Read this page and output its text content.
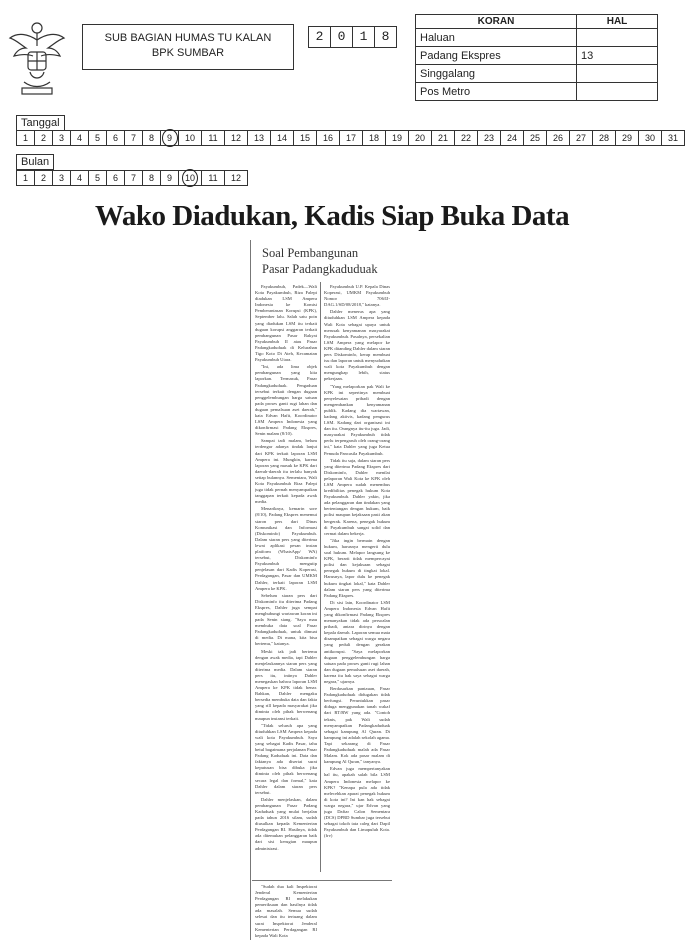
SUB BAGIAN HUMAS TU KALAN
BPK SUMBAR
2	0	1	8
KORAN	HAL
Haluan	
Padang Ekspres	13
Singgalang	
Pos Metro	
Tanggal
1	2	3	4	5	6	7	8	9	10	11	12	13	14	15	16	17	18	19	20	21	22	23	24	25	26	27	28	29	30	31
Bulan
1	2	3	4	5	6	7	8	9	10	11	12
Wako Diadukan, Kadis Siap Buka Data
Soal Pembangunan
Pasar Padangkaduduak

Payakumbuh, Padek—Wali Kota Payakumbuh, Riza Falepi diadukan LSM Ampera Indonesia ke Komisi Pemberantasan Korupsi (KPK), September lalu. Salah satu poin yang diadukan LSM itu terkait dugaan korupsi anggaran terkait pembangunan Pasar Rakyat Payakumbuh II atau Pasar Padangkaduduak di Kelurahan Tigo Koto Di Ateh, Kecamatan Payakumbuh Utara.

"Ini, ada lima objek pembangunan yang kita laporkan. Termasuk, Pasar Padangkaduduak. Pengaduan tersebut terkait dengan dugaan penggelembungan harga satuan pada proses ganti rugi lahan dan dugaan pemalsuan aset daerah," kata Edvan Hafit, Koordinator LSM Ampera Indonesia yang dikonfirmasi Padang Ekspres, Senin malam (8/10).

Sampai tadi malam, belum terdengar adanya tindak lanjut dari KPK terkait laporan LSM Ampera ini. Mungkin, karena laporan yang masuk ke KPK dari daerah-daerah itu terlalu banyak setiap bulannya. Sementara, Wali Kota Payakumbuh Riza Falepi juga tidak pernah menyampaikan tanggapan terkait kepada awak media.

Menariknya, kemarin sore (8/10), Padang Ekspres menemui staron pers dari Dinas Komunikasi dan Informasi (Diskominfo) Payakumbuh. Dalam siaran pers yang diterima lewat aplikasi pesan instan platform (WhatsApp/ WA) tersebut, Diskominfo Payakumbuh mengutip penjelasan dari Kadis Koperasi, Perdagangan, Pasar dan UMKM Dahler, terkait laporan LSM Ampera ke KPK.

Sebelum siaran pers dari Diskominfo itu diterima Padang Ekspres, Dahler juga sempat menghubungi wartawan koran ini pada Senin siang. "Saya mau membuka data soal Pasar Padangkaduduak, untuk dimuat di media. Di mana, kita bisa bertemu," katanya.

Meski tak jadi bertemu dengan awak media, tapi Dahler menjelaskannya siaran pers yang diterima media. Dalam siaran pers itu, intinya Dahler menegaskan bahwa laporan LSM Ampera ke KPK tidak benar. Bahkan, Dahler mengaku bersedia membuka data dan fakta yang rill kepada masyarakat jika diminta oleh pihak berwenang maupun instansi terkait.

"Tidak seluruh apa yang dituduhkan LSM Ampera kepada wali kota Payakumbuh. Saya yang sebagai Kadis Pasar, tahu betul bagaimana perjalanan Pasar Padang Kaduduak ini. Data dan faktanya ada disertai surat keputusan bisa dibuka jika diminta oleh pihak berwenang secara legal dan formal," kata Dahler dalam siaran pers tersebut.

Dahler menjelaskan, dalam pembangunan Pasar Padang Kaduduak yang mulai berjalan pada tahun 2016 silam, sudah diusulkan kepada Kementerian Perdagangan RI. Hasilnya, tidak ada ditemukan pelanggaran baik dari sisi kerugian maupun administrasi.

Payakumbuh U.P. Kepala Dinas Koperasi, UMKM Payakumbuh Nomor 706/IJ-DAG.1/SD/08/2018," katanya.

Dahler menerus apa yang dituduhkan LSM Ampera kepada Wali Kota sebagai upaya untuk merusak kenyamanan masyarakat Payakumbuh. Pasalnya, persekalian LSM Ampera yang melapor ke KPK ditanding Dahler dalam siaran pers Diskominfo, kerap membuat isu dan laporan untuk menyudutkan wali kota Payakumbuh dengan mengungkap lebih, status pekerjaan.

"Yang melaporkan pak Wali ke KPK ini sepertinya membuat penyelesaian pribadi dengan mengembankan kenyamanan publik. Kadang dia wartawan, kadang aktivis, kadang pengurus LSM. Kadang dari organisasi ini dan itu. Orangnya itu-itu juga. Jadi, masyarakat Payakumbuh tidak perlu terpengaruh oleh orang-orang ini," kata Dahler yang juga Ketua Pemuda Pancasila Payakumbuh.

Tidak itu saja, dalam siaran pers yang diterima Padang Ekspres dari Diskominfo, Dahler menilai pelaporan Wali Kota ke KPK oleh LSM Ampera sudah menembus kredibilitas penegak hukum Kota Payakumbuh. Dahler yakin, jika ada pelanggaran dan tindakan yang bertentangan dengan hukum, baik polisi maupun kejaksaan pasti akan bergerak. Karena, penegak hukum di Payakumbuh sangat solid dan cermat dalam bekerja.

"Jika ingin bermain dengan hukum, harusnya mengerti dulu soal hukum. Melapor langsung ke KPK, berarti tidak mempercayai polisi dan kejaksaan sebagai penegak hukum di tingkat lokal. Harusnya, lapor dulu ke penegak hukum tingkat lokal," kata Dahler dalam siaran pers yang diterima Padang Ekspres.

Di sisi lain, Koordinator LSM Ampera Indonesia Edvan Hafit yang dikonfirmasi Padang Ekspres menanyakan tidak ada persoalan pribadi, antara dirinya dengan kepala daerah. Laporan semua mata disampaikan sebagai warga negara yang peduli dengan gerakan antikorupsi. "Saya melaporkan dugaan penggelembungan harga satuan pada proses ganti rugi lahan dan dugaan pemalsuan aset daerah, karena itu hak saya sebagai warga negara," ujarnya.

Berdasarkan pantauan, Pasar Padangkaduduak didugakan tidak berfungsi. Peruntukkan pasar diduga menggunakan tanah wakaf dari RT/RW yang ada. "Contoh teknis, pak Wali sudah menyampaikan Padangkaduduak sebagai kampung Al Quran. Di kampung ini adalah sekolah agama. Tapi sekarang di Pasar Padangkaduduak malah ada Pasar Malam. Kok ada pasar malam di kampung Al Quran," tanyanya.

Edvan juga mempertanyakan hal itu, apakah salah bila LSM Ampera Indonesia melapor ke KPK? "Kenapa pula ada tidak melecehkan aparat penegak hukum di kota ini? Ini kan hak sebagai warga negara," ujar Edvan yang juga Daftar Calon Sementara (DCS) DPRD Sumbar juga tersebut sebagai tokoh tata caleg dari Dapil Payakumbuh dan Limapuluh Kota. (frv)

"Sudah dua kali Inspektorat Jenderal Kementerian Perdagangan RI melakukan pemeriksaan dan hasilnya tidak ada masalah. Semua sudah selesai dan itu tertuang dalam surat Inspektorat Jenderal Kementerian Perdagangan RI kepada Wali Kota
